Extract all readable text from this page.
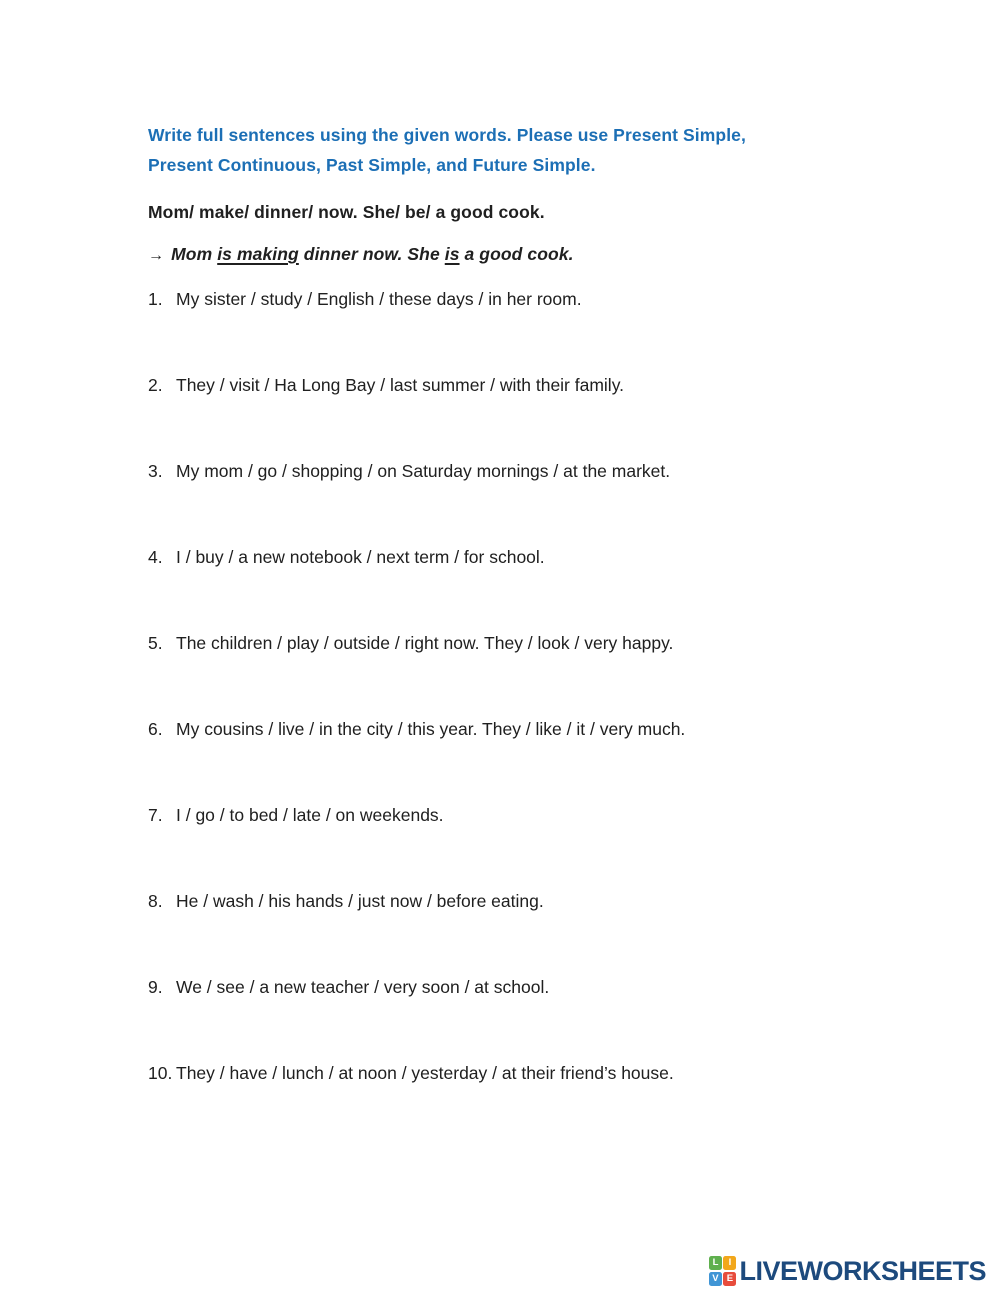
Write full sentences using the given words. Please use Present Simple,
Present Continuous, Past Simple, and Future Simple.
Mom/ make/ dinner/ now. She/ be/ a good cook.
→ Mom is making dinner now. She is a good cook.
1. My sister / study / English / these days / in her room.
2. They / visit / Ha Long Bay / last summer / with their family.
3. My mom / go / shopping / on Saturday mornings / at the market.
4. I / buy / a new notebook / next term / for school.
5. The children / play / outside / right now. They / look / very happy.
6. My cousins / live / in the city / this year. They / like / it / very much.
7. I / go / to bed / late / on weekends.
8. He / wash / his hands / just now / before eating.
9. We / see / a new teacher / very soon / at school.
10. They / have / lunch / at noon / yesterday / at their friend’s house.
L	I
V E LIVEWORKSHEETS
